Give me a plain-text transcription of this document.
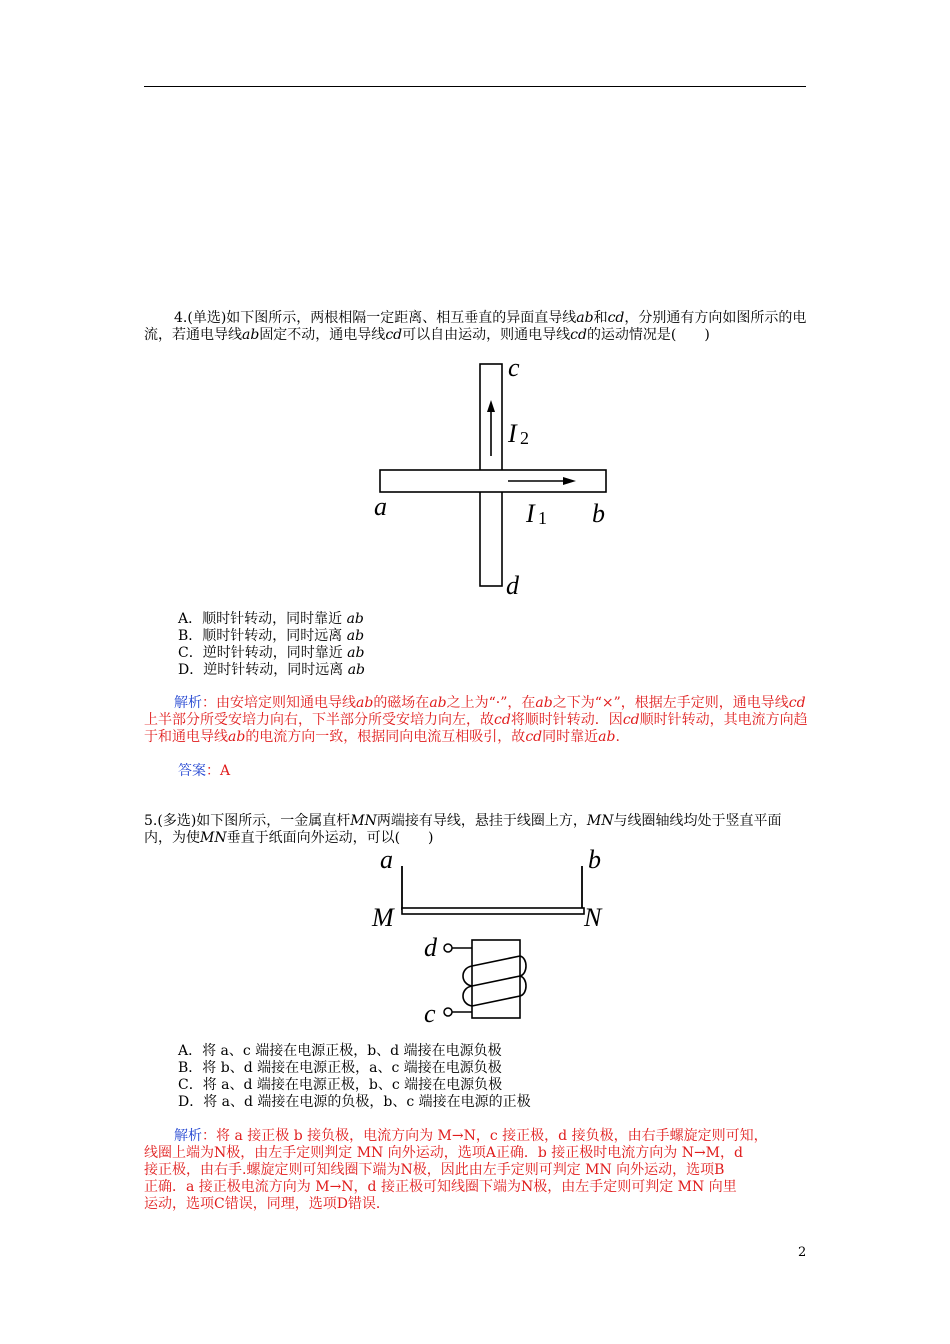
4.(单选)如下图所示，两根相隔一定距离、相互垂直的异面直导线ab和cd，分别通有方向如图所示的电流，若通电导线ab固定不动，通电导线cd可以自由运动，则通电导线cd的运动情况是(　　)

c
I 2
a	I 1 b
d

A．顺时针转动，同时靠近 ab

B．顺时针转动，同时远离 ab

C．逆时针转动，同时靠近 ab

D．逆时针转动，同时远离 ab

解析：由安培定则知通电导线ab的磁场在ab之上为“·”，在ab之下为“×”，根据左手定则，通电导线cd上半部分所受安培力向右，下半部分所受安培力向左，故cd将顺时针转动．因cd顺时针转动，其电流方向趋于和通电导线ab的电流方向一致，根据同向电流互相吸引，故cd同时靠近ab.

答案：A

5.(多选)如下图所示，一金属直杆MN两端接有导线，悬挂于线圈上方，MN与线圈轴线均处于竖直平面内，为使MN垂直于纸面向外运动，可以(　　)

a	b
M	N
d
c

A．将 a、c 端接在电源正极，b、d 端接在电源负极

B．将 b、d 端接在电源正极，a、c 端接在电源负极

C．将 a、d 端接在电源正极，b、c 端接在电源负极

D．将 a、d 端接在电源的负极，b、c 端接在电源的正极

解析：将 a 接正极 b 接负极，电流方向为 M→N，c 接正极，d 接负极，由右手螺旋定则可知，
线圈上端为N极，由左手定则判定 MN 向外运动，选项A正确．b 接正极时电流方向为 N→M，d
接正极，由右手.螺旋定则可知线圈下端为N极，因此由左手定则可判定 MN 向外运动，选项B
正确．a 接正极电流方向为 M→N，d 接正极可知线圈下端为N极，由左手定则可判定 MN 向里
运动，选项C错误，同理，选项D错误．
2
